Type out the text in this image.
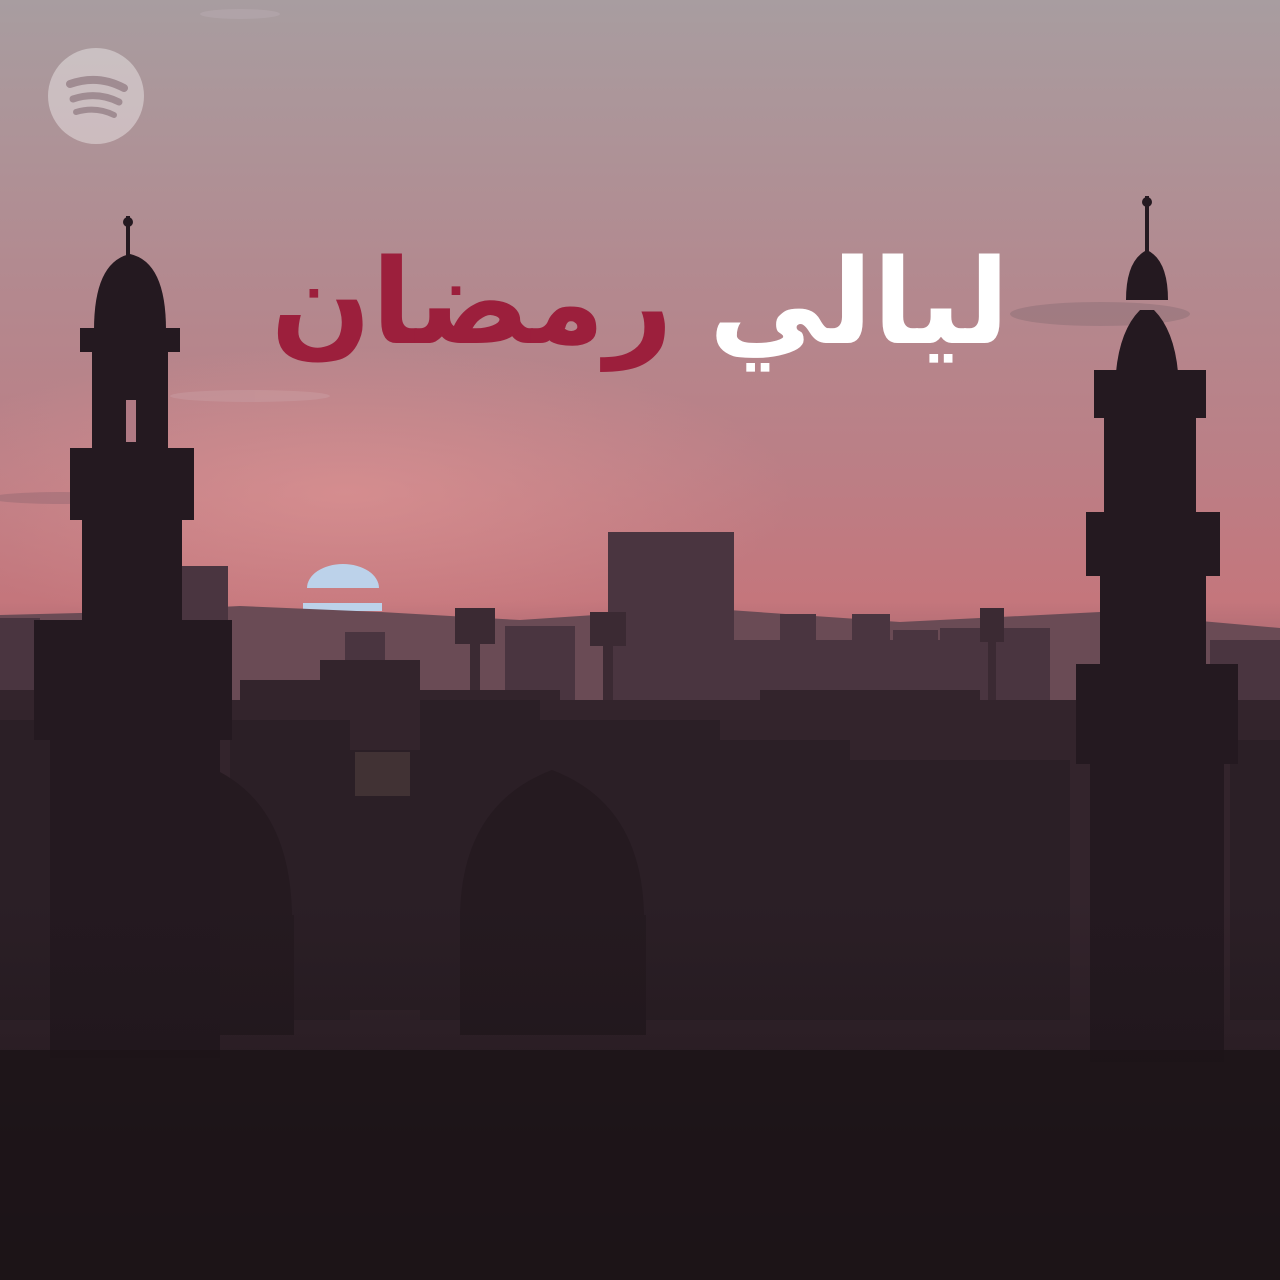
لياليرمضان
